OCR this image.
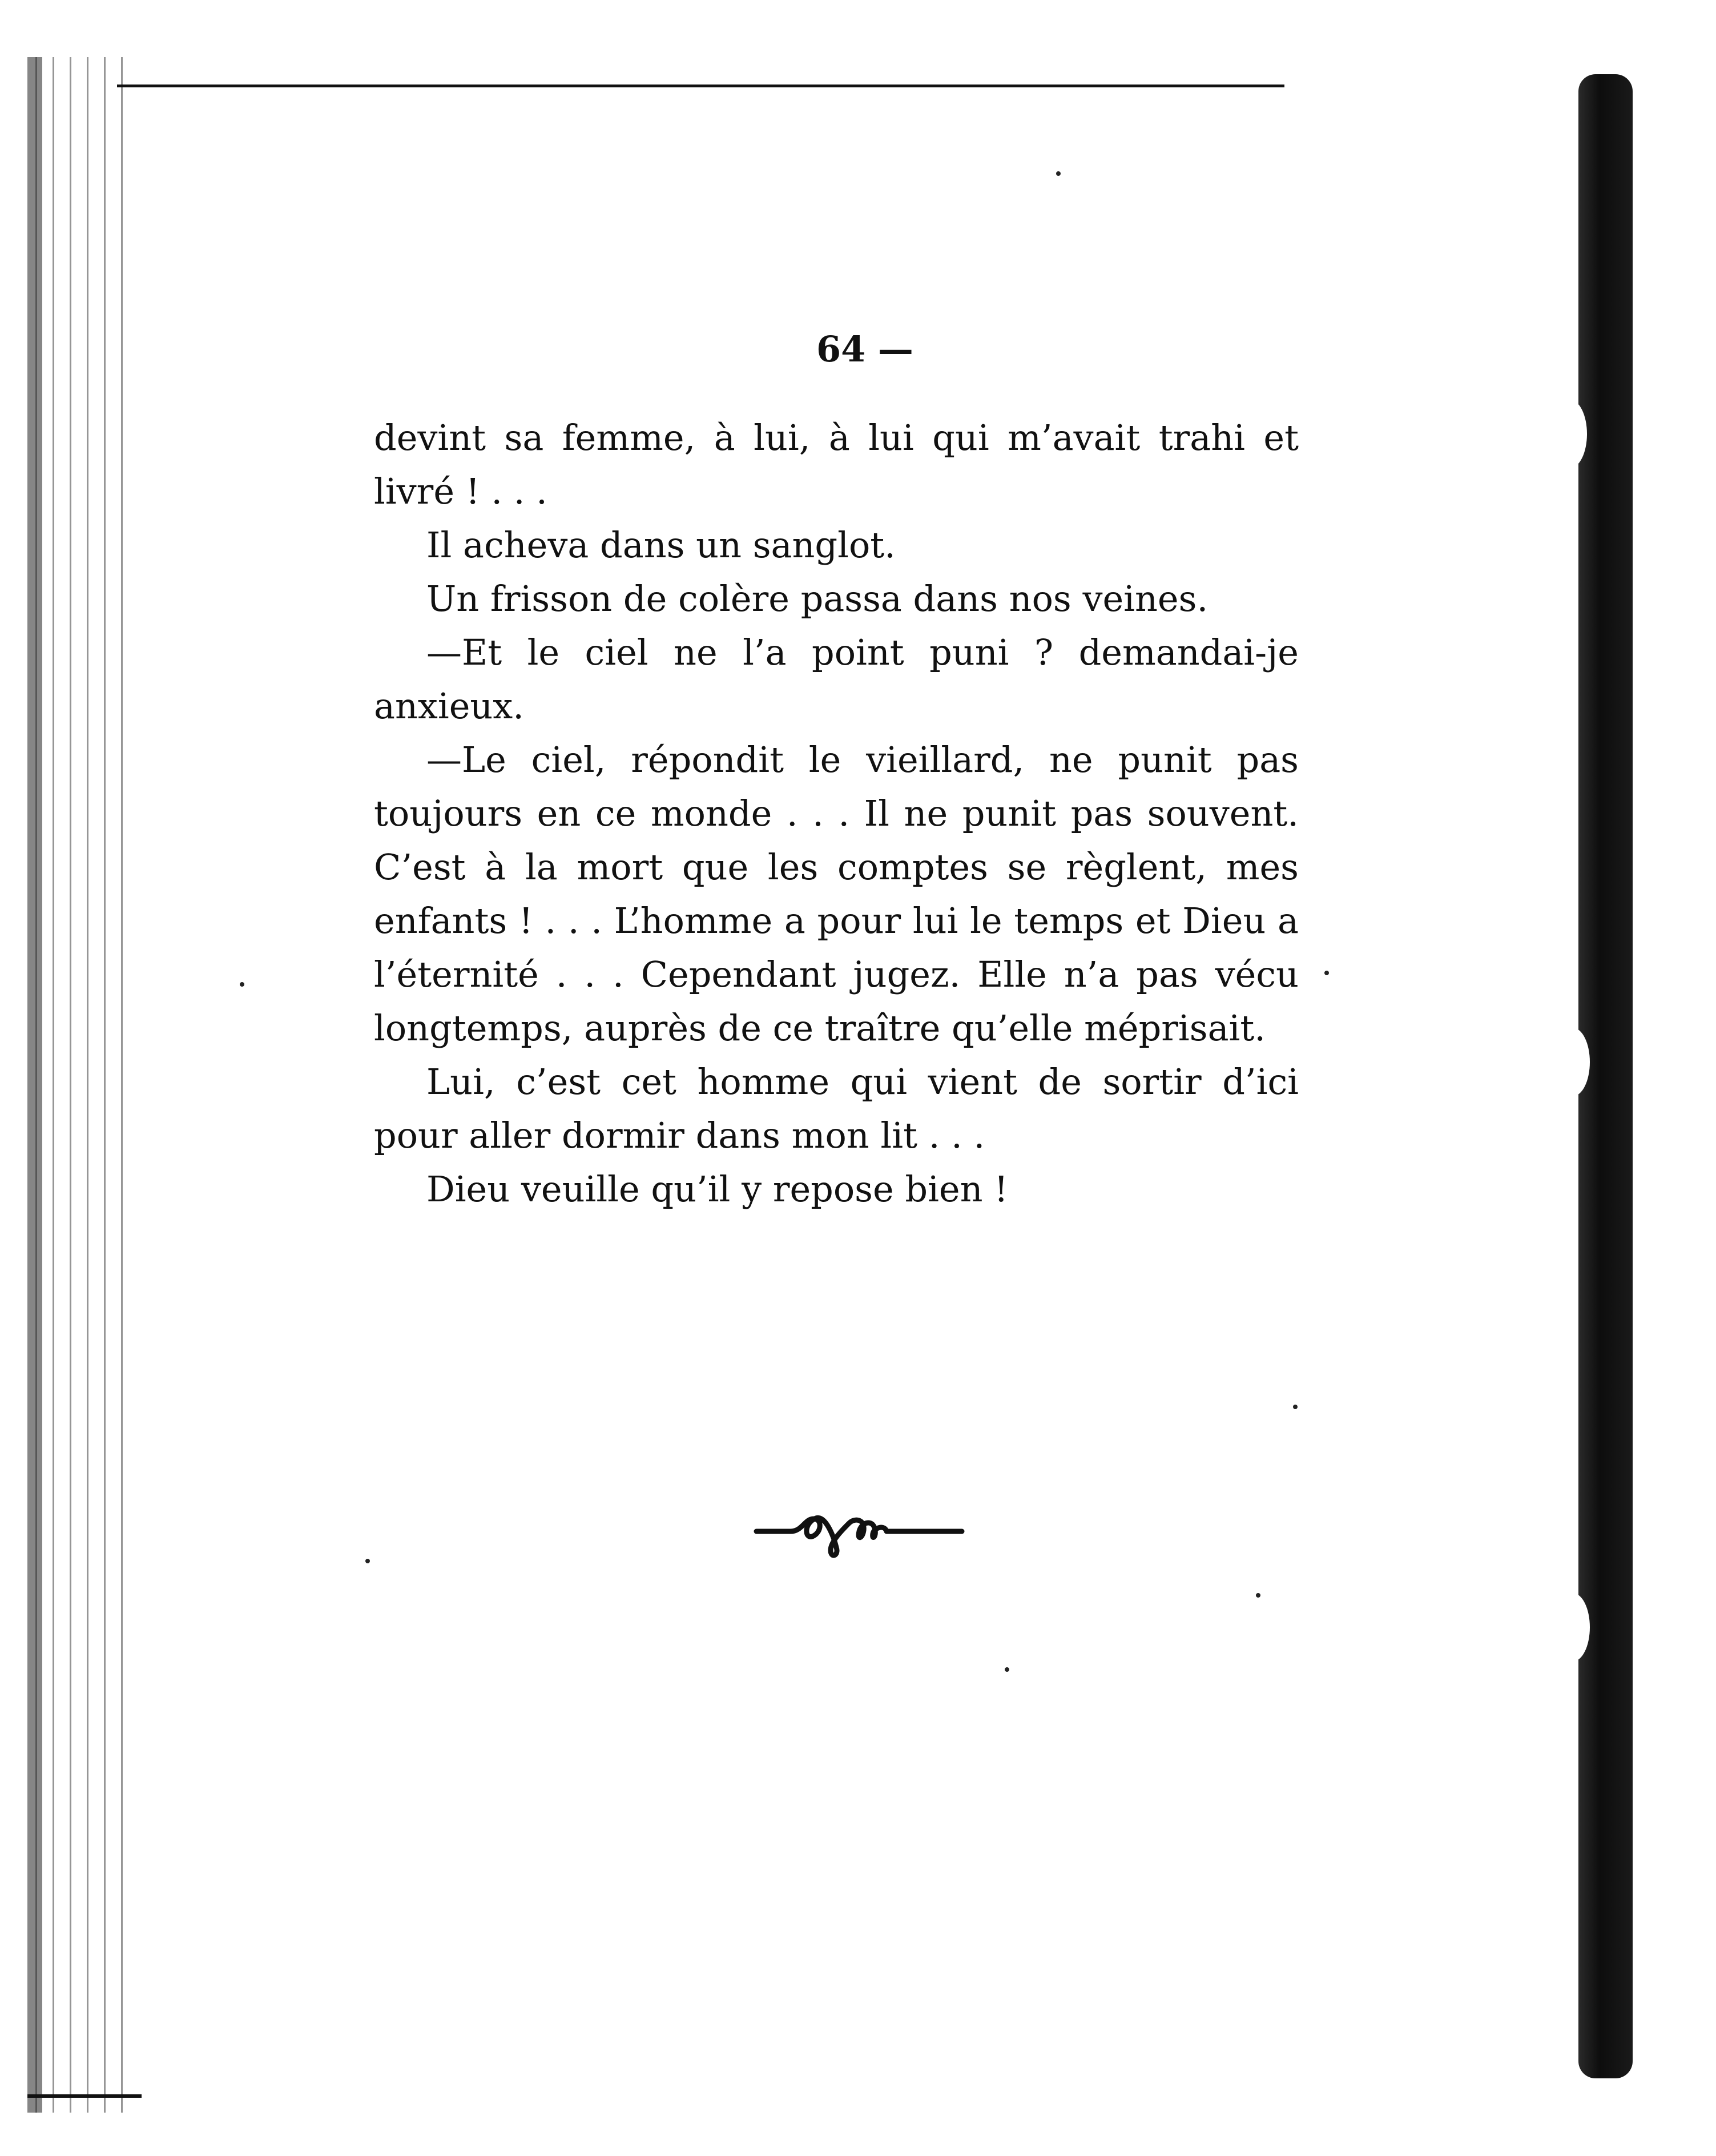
64 —

devint sa femme, à lui, à lui qui m’avait trahi et livré ! . . .

Il acheva dans un sanglot.

Un frisson de colère passa dans nos veines.

—Et le ciel ne l’a point puni ? demandai-je anxieux.

—Le ciel, répondit le vieillard, ne punit pas toujours en ce monde . . . Il ne punit pas souvent. C’est à la mort que les comptes se règlent, mes enfants ! . . . L’homme a pour lui le temps et Dieu a l’éternité . . . Cependant jugez. Elle n’a pas vécu longtemps, auprès de ce traître qu’elle méprisait.

Lui, c’est cet homme qui vient de sortir d’ici pour aller dormir dans mon lit . . .

Dieu veuille qu’il y repose bien !
